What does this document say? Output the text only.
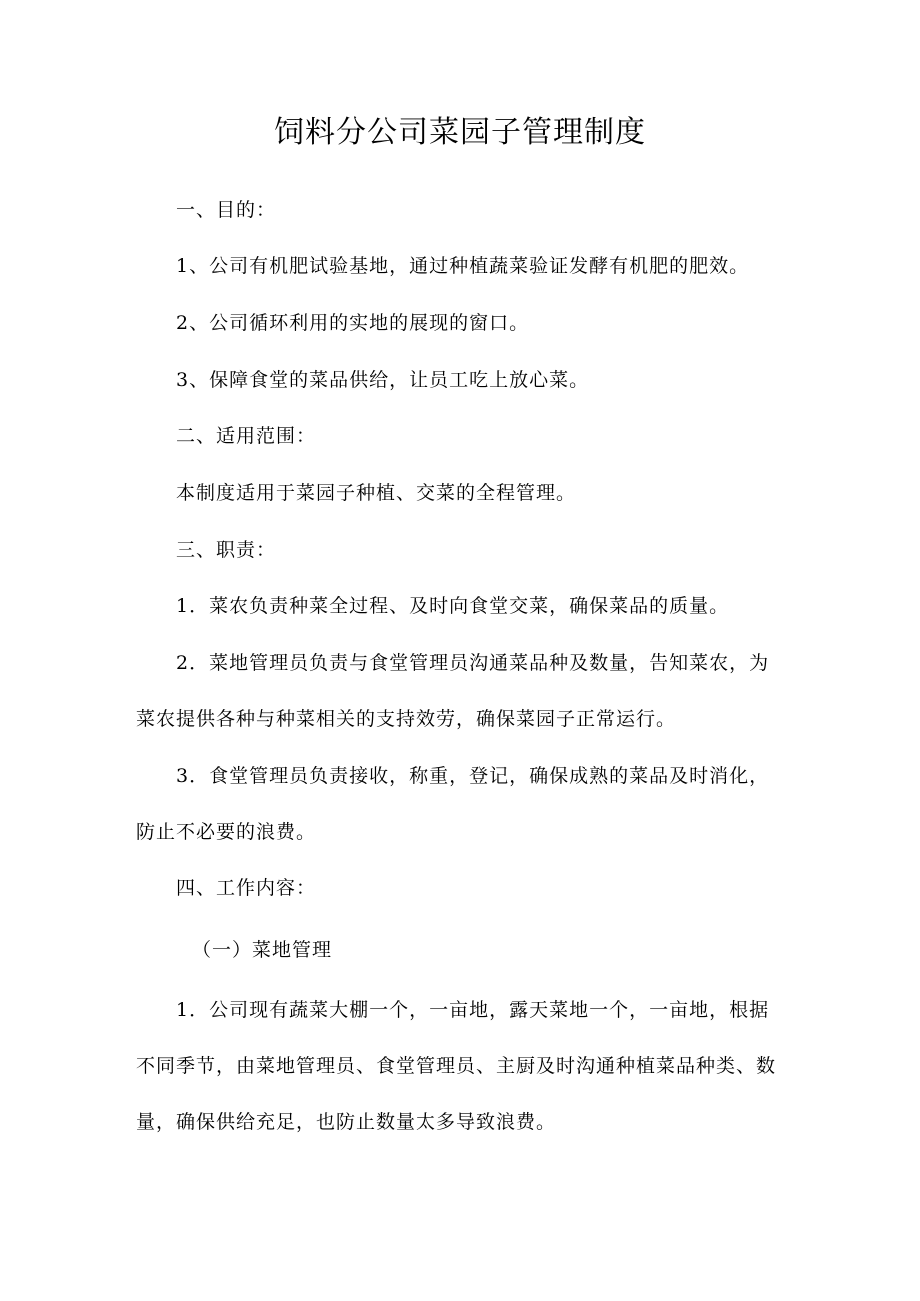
饲料分公司菜园子管理制度
一、目的：
1、公司有机肥试验基地，通过种植蔬菜验证发酵有机肥的肥效。
2、公司循环利用的实地的展现的窗口。
3、保障食堂的菜品供给，让员工吃上放心菜。
二、适用范围：
本制度适用于菜园子种植、交菜的全程管理。
三、职责：
1．菜农负责种菜全过程、及时向食堂交菜，确保菜品的质量。
2．菜地管理员负责与食堂管理员沟通菜品种及数量，告知菜农，为
菜农提供各种与种菜相关的支持效劳，确保菜园子正常运行。
3．食堂管理员负责接收，称重，登记，确保成熟的菜品及时消化，
防止不必要的浪费。
四、工作内容：
（一）菜地管理
1．公司现有蔬菜大棚一个，一亩地，露天菜地一个，一亩地，根据
不同季节，由菜地管理员、食堂管理员、主厨及时沟通种植菜品种类、数
量，确保供给充足，也防止数量太多导致浪费。
